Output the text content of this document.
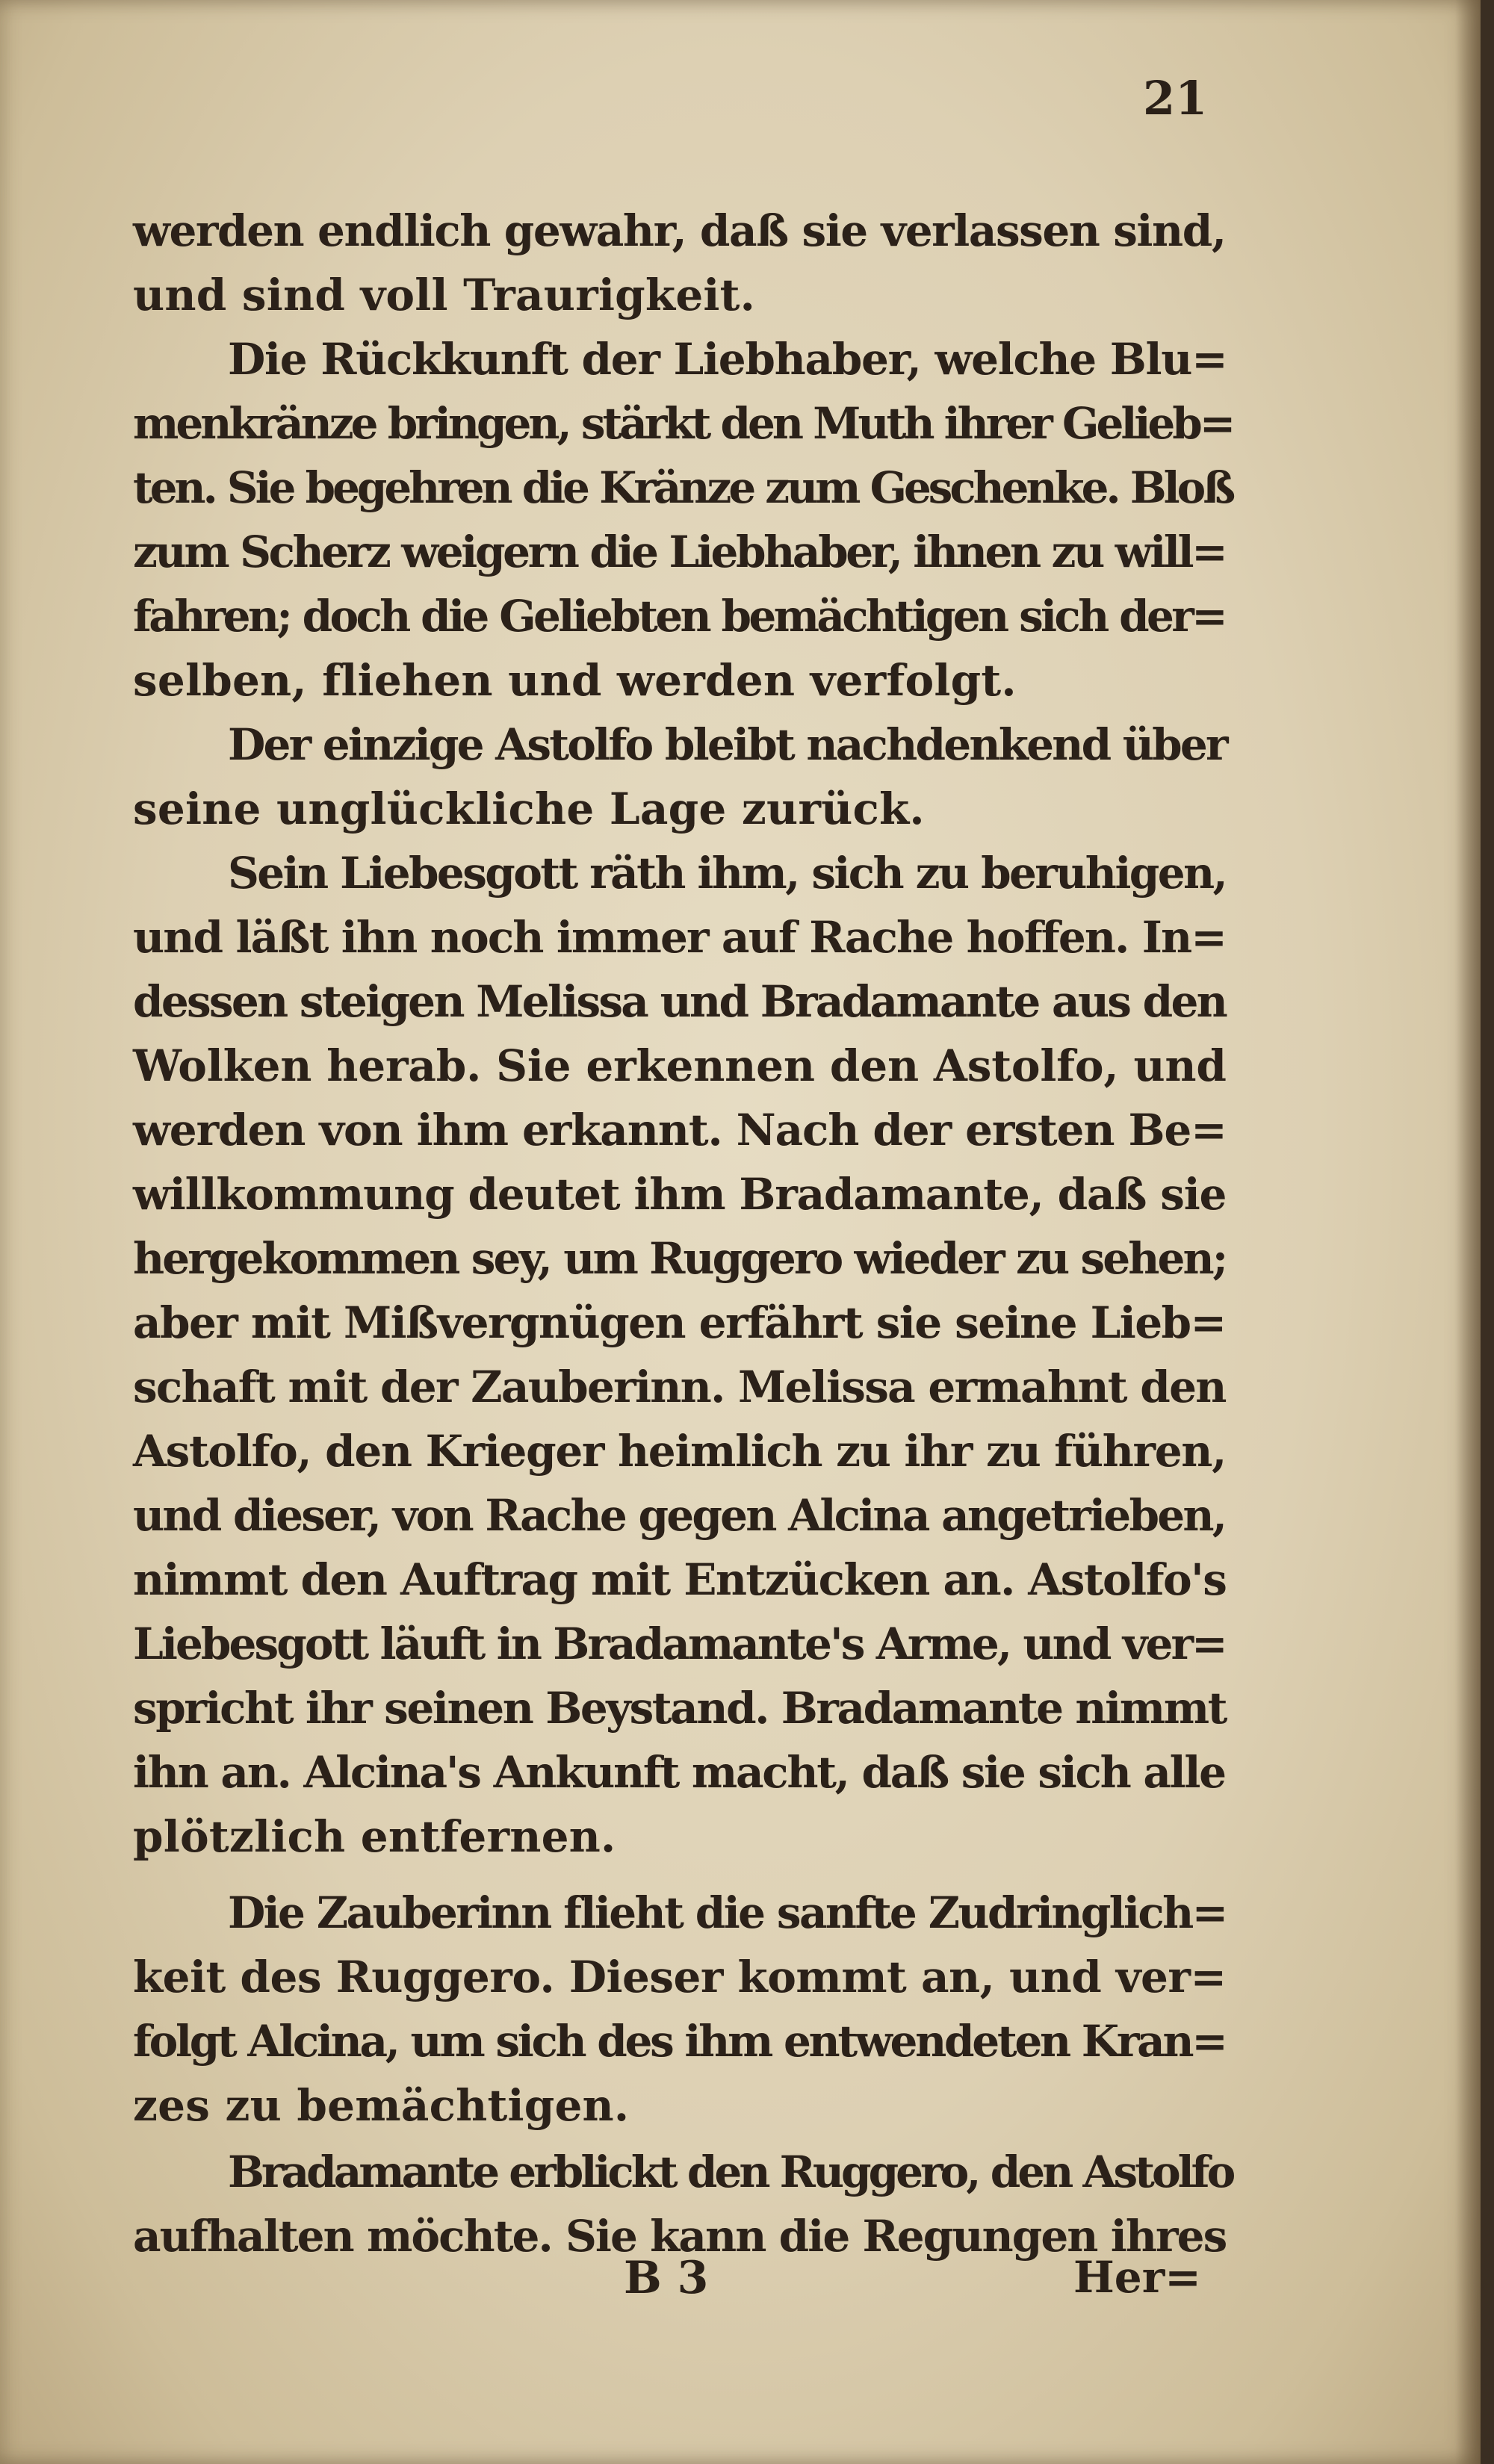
21
werden endlich gewahr, daß sie verlassen sind,
und sind voll Traurigkeit.
Die Rückkunft der Liebhaber, welche Blu=
menkränze bringen, stärkt den Muth ihrer Gelieb=
ten. Sie begehren die Kränze zum Geschenke. Bloß
zum Scherz weigern die Liebhaber, ihnen zu will=
fahren; doch die Geliebten bemächtigen sich der=
selben, fliehen und werden verfolgt.
Der einzige Astolfo bleibt nachdenkend über
seine unglückliche Lage zurück.
Sein Liebesgott räth ihm, sich zu beruhigen,
und läßt ihn noch immer auf Rache hoffen. In=
dessen steigen Melissa und Bradamante aus den
Wolken herab. Sie erkennen den Astolfo, und
werden von ihm erkannt. Nach der ersten Be=
willkommung deutet ihm Bradamante, daß sie
hergekommen sey, um Ruggero wieder zu sehen;
aber mit Mißvergnügen erfährt sie seine Lieb=
schaft mit der Zauberinn. Melissa ermahnt den
Astolfo, den Krieger heimlich zu ihr zu führen,
und dieser, von Rache gegen Alcina angetrieben,
nimmt den Auftrag mit Entzücken an. Astolfo's
Liebesgott läuft in Bradamante's Arme, und ver=
spricht ihr seinen Beystand. Bradamante nimmt
ihn an. Alcina's Ankunft macht, daß sie sich alle
plötzlich entfernen.
Die Zauberinn flieht die sanfte Zudringlich=
keit des Ruggero. Dieser kommt an, und ver=
folgt Alcina, um sich des ihm entwendeten Kran=
zes zu bemächtigen.
Bradamante erblickt den Ruggero, den Astolfo
aufhalten möchte. Sie kann die Regungen ihres
B 3	Her=
